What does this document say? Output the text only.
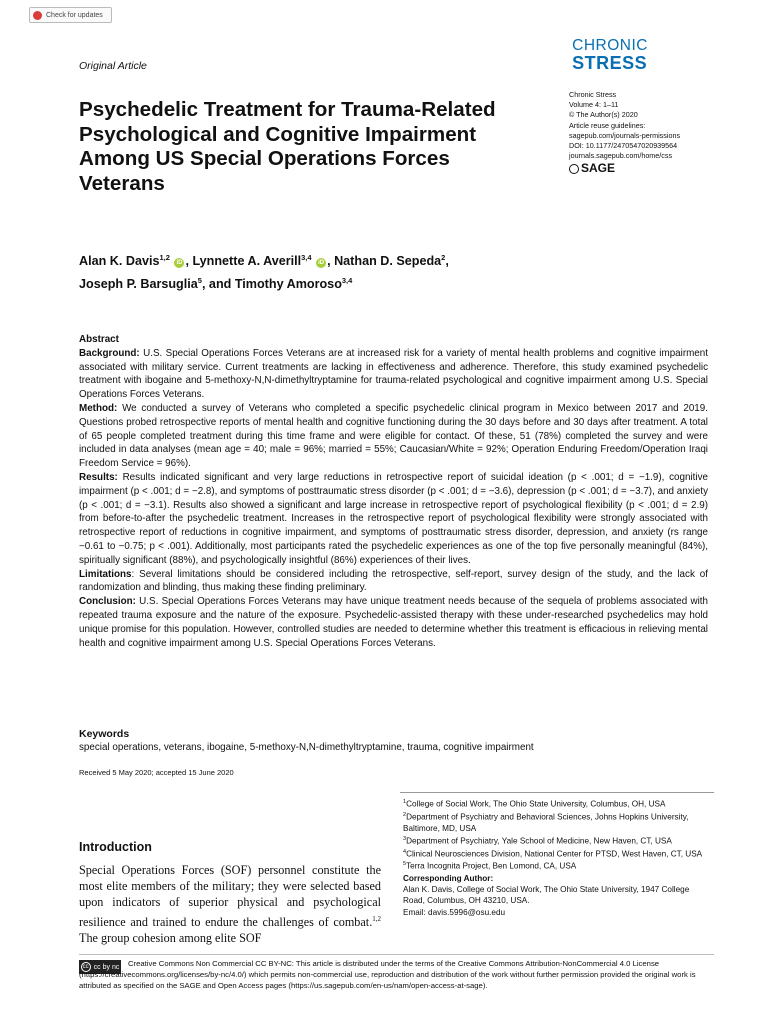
Check for updates
Original Article
CHRONIC
STRESS
Psychedelic Treatment for Trauma-Related Psychological and Cognitive Impairment Among US Special Operations Forces Veterans
Chronic Stress
Volume 4: 1–11
© The Author(s) 2020
Article reuse guidelines:
sagepub.com/journals-permissions
DOI: 10.1177/2470547020939564
journals.sagepub.com/home/css
SAGE
Alan K. Davis$^{1,2}$ iD , Lynnette A. Averill$^{3,4}$ iD , Nathan D. Sepeda$^2$,
Joseph P. Barsuglia$^5$, and Timothy Amoroso$^{3,4}$

Abstract

Background: U.S. Special Operations Forces Veterans are at increased risk for a variety of mental health problems and cognitive impairment associated with military service. Current treatments are lacking in effectiveness and adherence. Therefore, this study examined psychedelic treatment with ibogaine and 5-methoxy-N,N-dimethyltryptamine for trauma-related psychological and cognitive impairment among U.S. Special Operations Forces Veterans.

Method: We conducted a survey of Veterans who completed a specific psychedelic clinical program in Mexico between 2017 and 2019. Questions probed retrospective reports of mental health and cognitive functioning during the 30 days before and 30 days after treatment. A total of 65 people completed treatment during this time frame and were eligible for contact. Of these, 51 (78%) completed the survey and were included in data analyses (mean age = 40; male = 96%; married = 55%; Caucasian/White = 92%; Operation Enduring Freedom/Operation Iraqi Freedom Service = 96%).

Results: Results indicated significant and very large reductions in retrospective report of suicidal ideation (p < .001; d = −1.9), cognitive impairment (p < .001; d = −2.8), and symptoms of posttraumatic stress disorder (p < .001; d = −3.6), depression (p < .001; d = −3.7), and anxiety (p < .001; d = −3.1). Results also showed a significant and large increase in retrospective report of psychological flexibility (p < .001; d = 2.9) from before-to-after the psychedelic treatment. Increases in the retrospective report of psychological flexibility were strongly associated with retrospective report of reductions in cognitive impairment, and symptoms of posttraumatic stress disorder, depression, and anxiety (rs range −0.61 to −0.75; p < .001). Additionally, most participants rated the psychedelic experiences as one of the top five personally meaningful (84%), spiritually significant (88%), and psychologically insightful (86%) experiences of their lives.

Limitations: Several limitations should be considered including the retrospective, self-report, survey design of the study, and the lack of randomization and blinding, thus making these finding preliminary.

Conclusion: U.S. Special Operations Forces Veterans may have unique treatment needs because of the sequela of problems associated with repeated trauma exposure and the nature of the exposure. Psychedelic-assisted therapy with these under-researched psychedelics may hold unique promise for this population. However, controlled studies are needed to determine whether this treatment is efficacious in relieving mental health and cognitive impairment among U.S. Special Operations Forces Veterans.

Keywords
special operations, veterans, ibogaine, 5-methoxy-N,N-dimethyltryptamine, trauma, cognitive impairment
Received 5 May 2020; accepted 15 June 2020

$^1$College of Social Work, The Ohio State University, Columbus, OH, USA

$^2$Department of Psychiatry and Behavioral Sciences, Johns Hopkins University, Baltimore, MD, USA

$^3$Department of Psychiatry, Yale School of Medicine, New Haven, CT, USA

$^4$Clinical Neurosciences Division, National Center for PTSD, West Haven, CT, USA

$^5$Terra Incognita Project, Ben Lomond, CA, USA

Corresponding Author:

Alan K. Davis, College of Social Work, The Ohio State University, 1947 College Road, Columbus, OH 43210, USA.

Email: davis.5996@osu.edu

Introduction
Special Operations Forces (SOF) personnel constitute the most elite members of the military; they were selected based upon indicators of superior physical and psychological resilience and trained to endure the challenges of combat.$^{1,2}$ The group cohesion among elite SOF
cc cc by nc	Creative Commons Non Commercial CC BY-NC: This article is distributed under the terms of the Creative Commons Attribution-NonCommercial 4.0 License (https://creativecommons.org/licenses/by-nc/4.0/) which permits non-commercial use, reproduction and distribution of the work without further permission provided the original work is attributed as specified on the SAGE and Open Access pages (https://us.sagepub.com/en-us/nam/open-access-at-sage).
